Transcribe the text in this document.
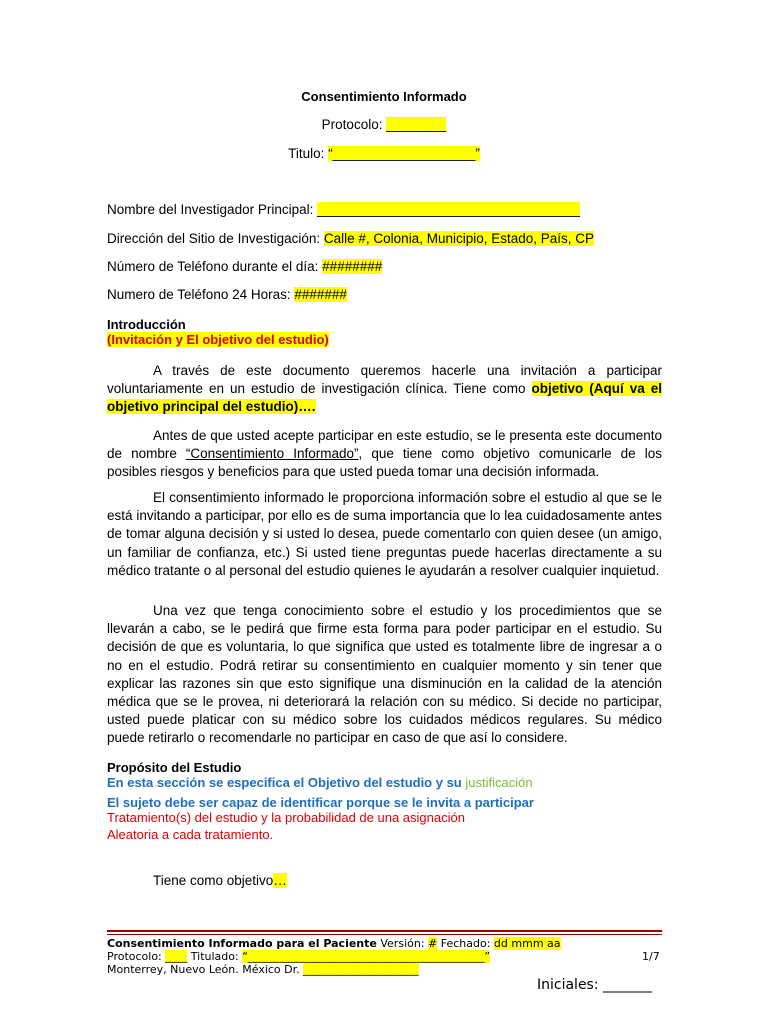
Consentimiento Informado
Protocolo: ________
Titulo: “___________________”
Nombre del Investigador Principal: ___________________________________
Dirección del Sitio de Investigación: Calle #, Colonia, Municipio, Estado, País, CP
Número de Teléfono durante el día: ########
Numero de Teléfono 24 Horas: #######
Introducción
(Invitación y El objetivo del estudio)
A través de este documento queremos hacerle una invitación a participar voluntariamente en un estudio de investigación clínica. Tiene como objetivo (Aquí va el objetivo principal del estudio)….
Antes de que usted acepte participar en este estudio, se le presenta este documento de nombre “Consentimiento Informado”, que tiene como objetivo comunicarle de los posibles riesgos y beneficios para que usted pueda tomar una decisión informada.
El consentimiento informado le proporciona información sobre el estudio al que se le está invitando a participar, por ello es de suma importancia que lo lea cuidadosamente antes de tomar alguna decisión y si usted lo desea, puede comentarlo con quien desee (un amigo, un familiar de confianza, etc.) Si usted tiene preguntas puede hacerlas directamente a su médico tratante o al personal del estudio quienes le ayudarán a resolver cualquier inquietud.
Una vez que tenga conocimiento sobre el estudio y los procedimientos que se llevarán a cabo, se le pedirá que firme esta forma para poder participar en el estudio. Su decisión de que es voluntaria, lo que significa que usted es totalmente libre de ingresar a o no en el estudio. Podrá retirar su consentimiento en cualquier momento y sin tener que explicar las razones sin que esto signifique una disminución en la calidad de la atención médica que se le provea, ni deteriorará la relación con su médico. Si decide no participar, usted puede platicar con su médico sobre los cuidados médicos regulares. Su médico puede retirarlo o recomendarle no participar en caso de que así lo considere.
Propósito del Estudio
En esta sección se especifica el Objetivo del estudio y su justificación
El sujeto debe ser capaz de identificar porque se le invita a participar
Tratamiento(s) del estudio y la probabilidad de una asignación
Aleatoria a cada tratamiento.
Tiene como objetivo…
Consentimiento Informado para el Paciente Versión: # Fechado: dd mmm aa
Protocolo: ____ Titulado: “___________________________________________”	1/7
Monterrey, Nuevo León. México Dr. _____________________
Iniciales: _______
